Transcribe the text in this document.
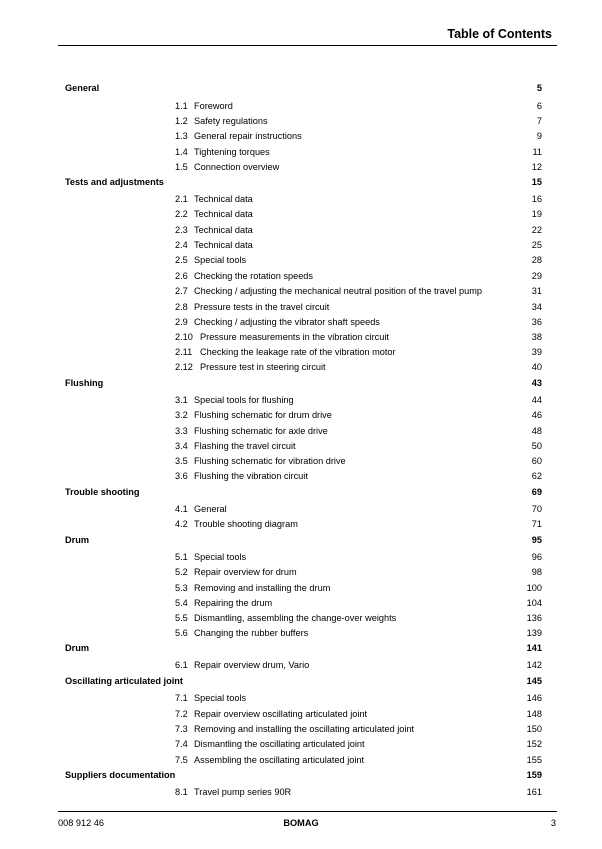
Table of Contents
General	5
1.1 Foreword	6
1.2 Safety regulations	7
1.3 General repair instructions	9
1.4 Tightening torques	11
1.5 Connection overview	12
Tests and adjustments	15
2.1 Technical data	16
2.2 Technical data	19
2.3 Technical data	22
2.4 Technical data	25
2.5 Special tools	28
2.6 Checking the rotation speeds	29
2.7 Checking / adjusting the mechanical neutral position of the travel pump	31
2.8 Pressure tests in the travel circuit	34
2.9 Checking / adjusting the vibrator shaft speeds	36
2.10 Pressure measurements in the vibration circuit	38
2.11 Checking the leakage rate of the vibration motor	39
2.12 Pressure test in steering circuit	40
Flushing	43
3.1 Special tools for flushing	44
3.2 Flushing schematic for drum drive	46
3.3 Flushing schematic for axle drive	48
3.4 Flashing the travel circuit	50
3.5 Flushing schematic for vibration drive	60
3.6 Flushing the vibration circuit	62
Trouble shooting	69
4.1 General	70
4.2 Trouble shooting diagram	71
Drum	95
5.1 Special tools	96
5.2 Repair overview for drum	98
5.3 Removing and installing the drum	100
5.4 Repairing the drum	104
5.5 Dismantling, assembling the change-over weights	136
5.6 Changing the rubber buffers	139
Drum	141
6.1 Repair overview drum, Vario	142
Oscillating articulated joint	145
7.1 Special tools	146
7.2 Repair overview oscillating articulated joint	148
7.3 Removing and installing the oscillating articulated joint	150
7.4 Dismantling the oscillating articulated joint	152
7.5 Assembling the oscillating articulated joint	155
Suppliers documentation	159
8.1 Travel pump series 90R	161
008 912 46	BOMAG	3
